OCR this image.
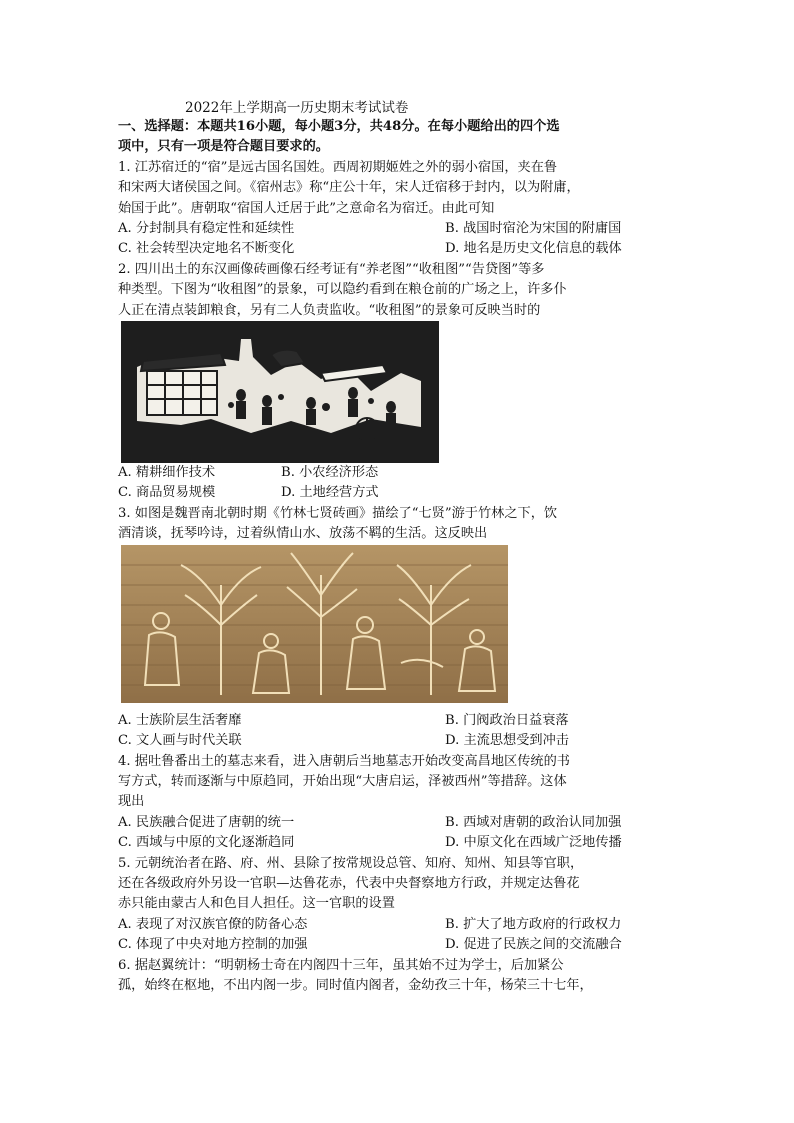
2022年上学期高一历史期末考试试卷
一、选择题：本题共16小题，每小题3分，共48分。在每小题给出的四个选
项中，只有一项是符合题目要求的。
1. 江苏宿迁的“宿”是远古国名国姓。西周初期姬姓之外的弱小宿国，夹在鲁
和宋两大诸侯国之间。《宿州志》称“庄公十年，宋人迁宿移于封内，以为附庸，
始国于此”。唐朝取“宿国人迁居于此”之意命名为宿迁。由此可知
A. 分封制具有稳定性和延续性	B. 战国时宿沦为宋国的附庸国
C. 社会转型决定地名不断变化	D. 地名是历史文化信息的载体
2. 四川出土的东汉画像砖画像石经考证有“养老图”“收租图”“告贷图”等多
种类型。下图为“收租图”的景象，可以隐约看到在粮仓前的广场之上，许多仆
人正在清点装卸粮食，另有二人负责监收。“收租图”的景象可反映当时的
A. 精耕细作技术	B. 小农经济形态
C. 商品贸易规模	D. 土地经营方式
3. 如图是魏晋南北朝时期《竹林七贤砖画》描绘了“七贤”游于竹林之下，饮
酒清谈，抚琴吟诗，过着纵情山水、放荡不羁的生活。这反映出
A. 士族阶层生活奢靡	B. 门阀政治日益衰落
C. 文人画与时代关联	D. 主流思想受到冲击
4. 据吐鲁番出土的墓志来看，进入唐朝后当地墓志开始改变高昌地区传统的书
写方式，转而逐渐与中原趋同，开始出现“大唐启运，泽被西州”等措辞。这体
现出
A. 民族融合促进了唐朝的统一	B. 西域对唐朝的政治认同加强
C. 西域与中原的文化逐渐趋同	D. 中原文化在西域广泛地传播
5. 元朝统治者在路、府、州、县除了按常规设总管、知府、知州、知县等官职，
还在各级政府外另设一官职—达鲁花赤，代表中央督察地方行政，并规定达鲁花
赤只能由蒙古人和色目人担任。这一官职的设置
A. 表现了对汉族官僚的防备心态	B. 扩大了地方政府的行政权力
C. 体现了中央对地方控制的加强	D. 促进了民族之间的交流融合
6. 据赵翼统计：“明朝杨士奇在内阁四十三年，虽其始不过为学士，后加紧公
孤，始终在枢地，不出内阁一步。同时值内阁者，金幼孜三十年，杨荣三十七年，
